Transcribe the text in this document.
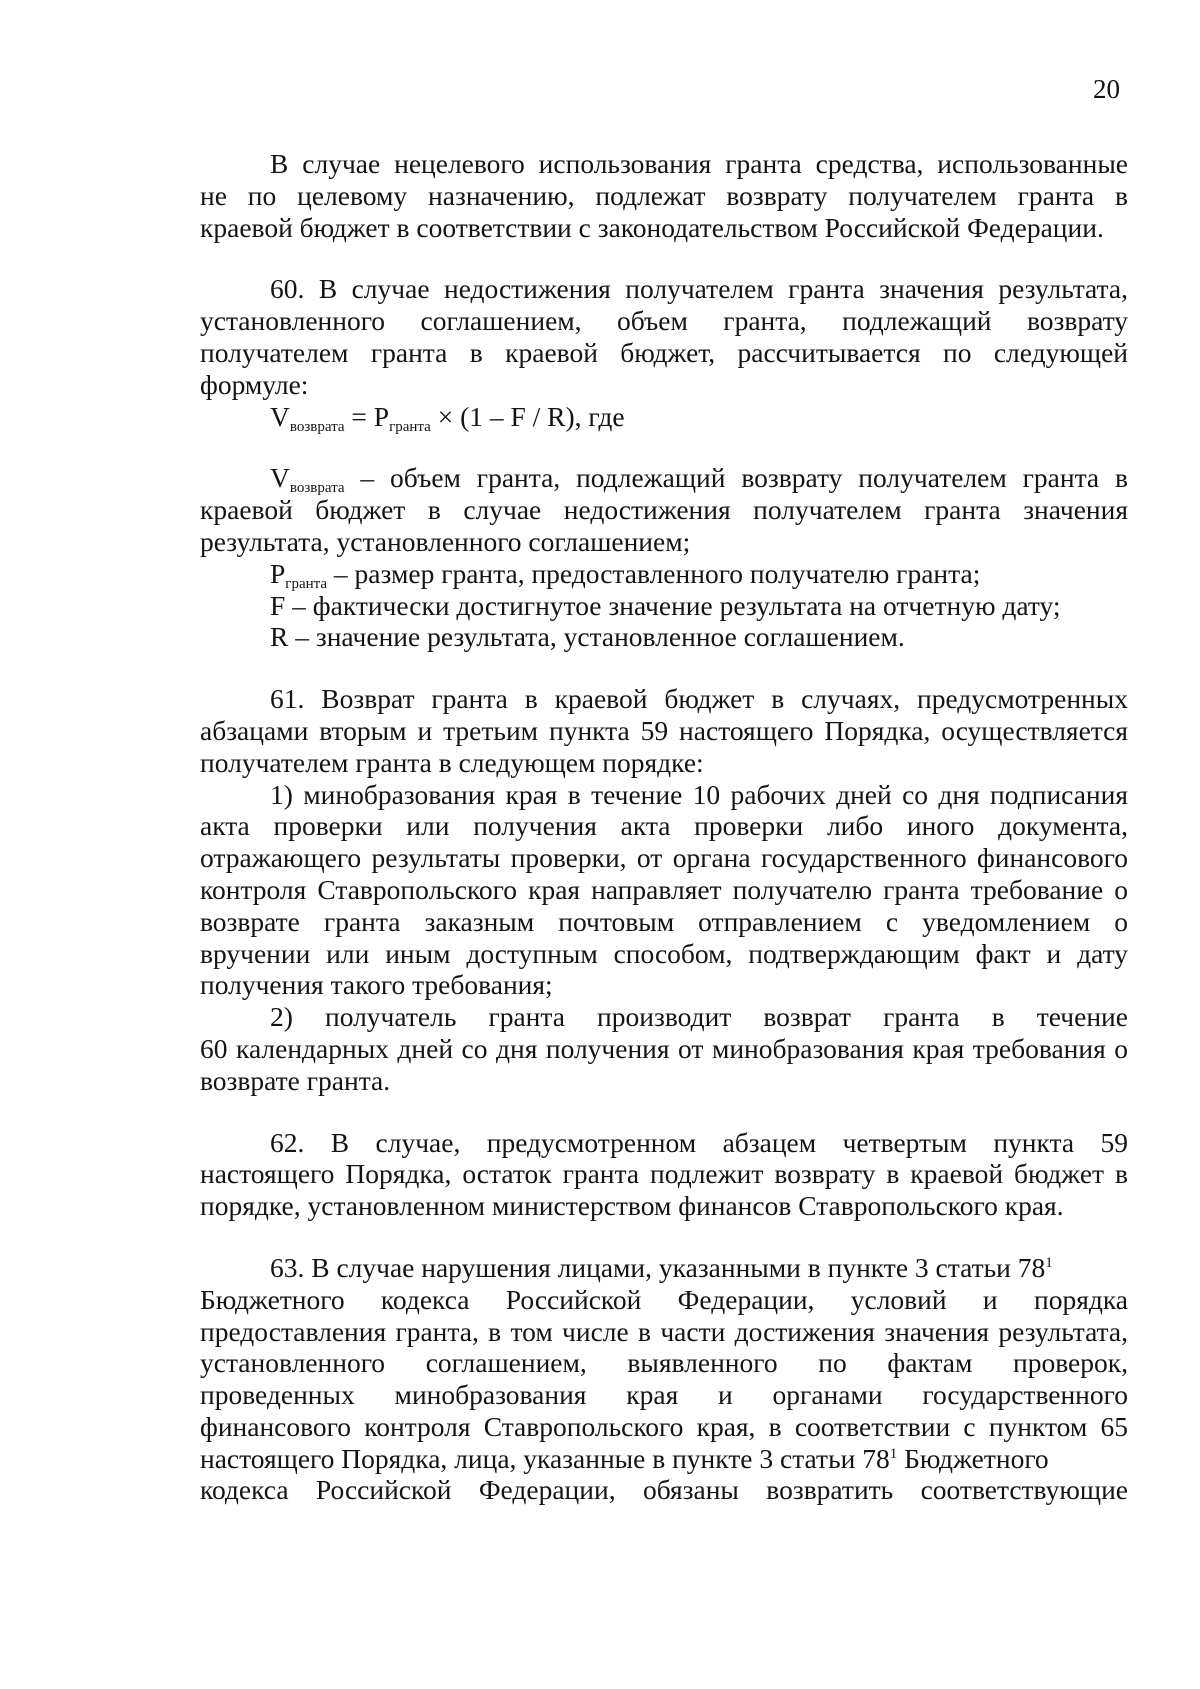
20
В случае нецелевого использования гранта средства, использованные
не по целевому назначению, подлежат возврату получателем гранта в
краевой бюджет в соответствии с законодательством Российской Федерации.
60. В случае недостижения получателем гранта значения результата,
установленного соглашением, объем гранта, подлежащий возврату
получателем гранта в краевой бюджет, рассчитывается по следующей
формуле:
$V_{возврата} = P_{гранта} \times (1 - F / R)$, где
$V_{возврата}$ – объем гранта, подлежащий возврату получателем гранта в
краевой бюджет в случае недостижения получателем гранта значения
результата, установленного соглашением;
$P_{гранта}$ – размер гранта, предоставленного получателю гранта;
F – фактически достигнутое значение результата на отчетную дату;
R – значение результата, установленное соглашением.
61. Возврат гранта в краевой бюджет в случаях, предусмотренных
абзацами вторым и третьим пункта 59 настоящего Порядка, осуществляется
получателем гранта в следующем порядке:
1) минобразования края в течение 10 рабочих дней со дня подписания
акта проверки или получения акта проверки либо иного документа,
отражающего результаты проверки, от органа государственного финансового
контроля Ставропольского края направляет получателю гранта требование о
возврате гранта заказным почтовым отправлением с уведомлением о
вручении или иным доступным способом, подтверждающим факт и дату
получения такого требования;
2) получатель гранта производит возврат гранта в течение
60 календарных дней со дня получения от минобразования края требования о
возврате гранта.
62. В случае, предусмотренном абзацем четвертым пункта 59
настоящего Порядка, остаток гранта подлежит возврату в краевой бюджет в
порядке, установленном министерством финансов Ставропольского края.
63. В случае нарушения лицами, указанными в пункте 3 статьи $78^1$
Бюджетного кодекса Российской Федерации, условий и порядка
предоставления гранта, в том числе в части достижения значения результата,
установленного соглашением, выявленного по фактам проверок,
проведенных минобразования края и органами государственного
финансового контроля Ставропольского края, в соответствии с пунктом 65
настоящего Порядка, лица, указанные в пункте 3 статьи $78^1$ Бюджетного
кодекса Российской Федерации, обязаны возвратить соответствующие
